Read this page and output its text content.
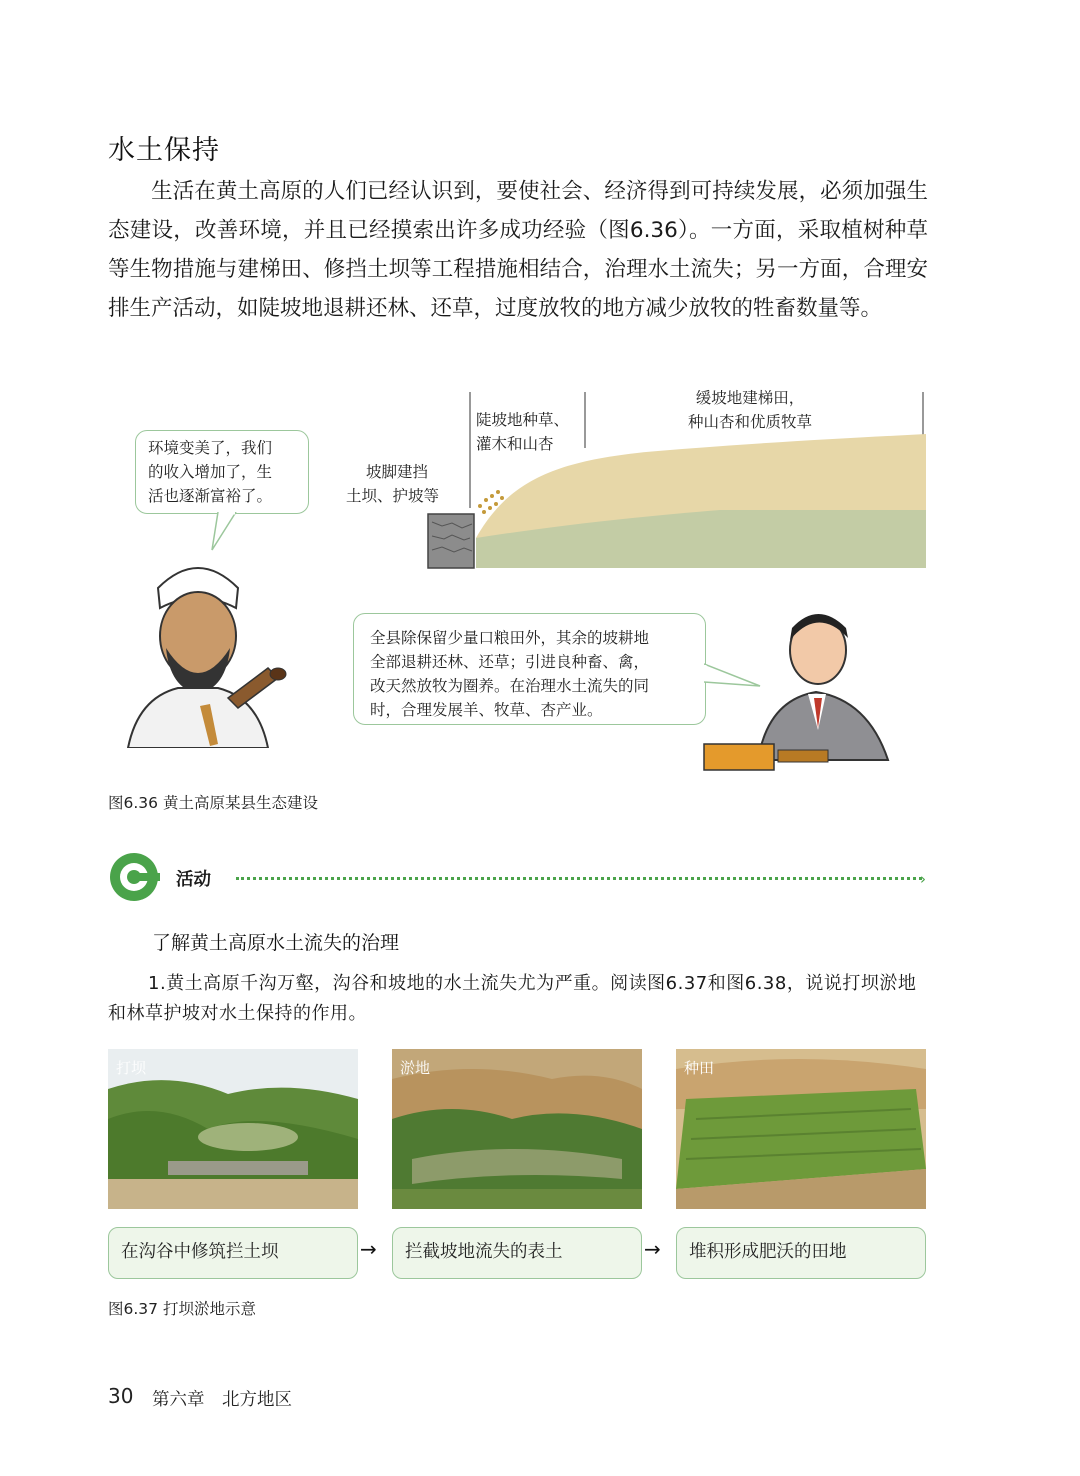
水土保持
生活在黄土高原的人们已经认识到，要使社会、经济得到可持续发展，必须加强生态建设，改善环境，并且已经摸索出许多成功经验（图6.36）。一方面，采取植树种草等生物措施与建梯田、修挡土坝等工程措施相结合，治理水土流失；另一方面，合理安排生产活动，如陡坡地退耕还林、还草，过度放牧的地方减少放牧的牲畜数量等。
坡脚建挡
土坝、护坡等
陡坡地种草、
灌木和山杏
缓坡地建梯田，
种山杏和优质牧草
环境变美了，我们
的收入增加了，生
活也逐渐富裕了。
全县除保留少量口粮田外，其余的坡耕地
全部退耕还林、还草；引进良种畜、禽，
改天然放牧为圈养。在治理水土流失的同
时，合理发展羊、牧草、杏产业。
图6.36 黄土高原某县生态建设
活动	›
了解黄土高原水土流失的治理
1.黄土高原千沟万壑，沟谷和坡地的水土流失尤为严重。阅读图6.37和图6.38，说说打坝淤地和林草护坡对水土保持的作用。
打坝	淤地	种田
在沟谷中修筑拦土坝	→	拦截坡地流失的表土	→	堆积形成肥沃的田地
图6.37 打坝淤地示意
30 第六章　北方地区
